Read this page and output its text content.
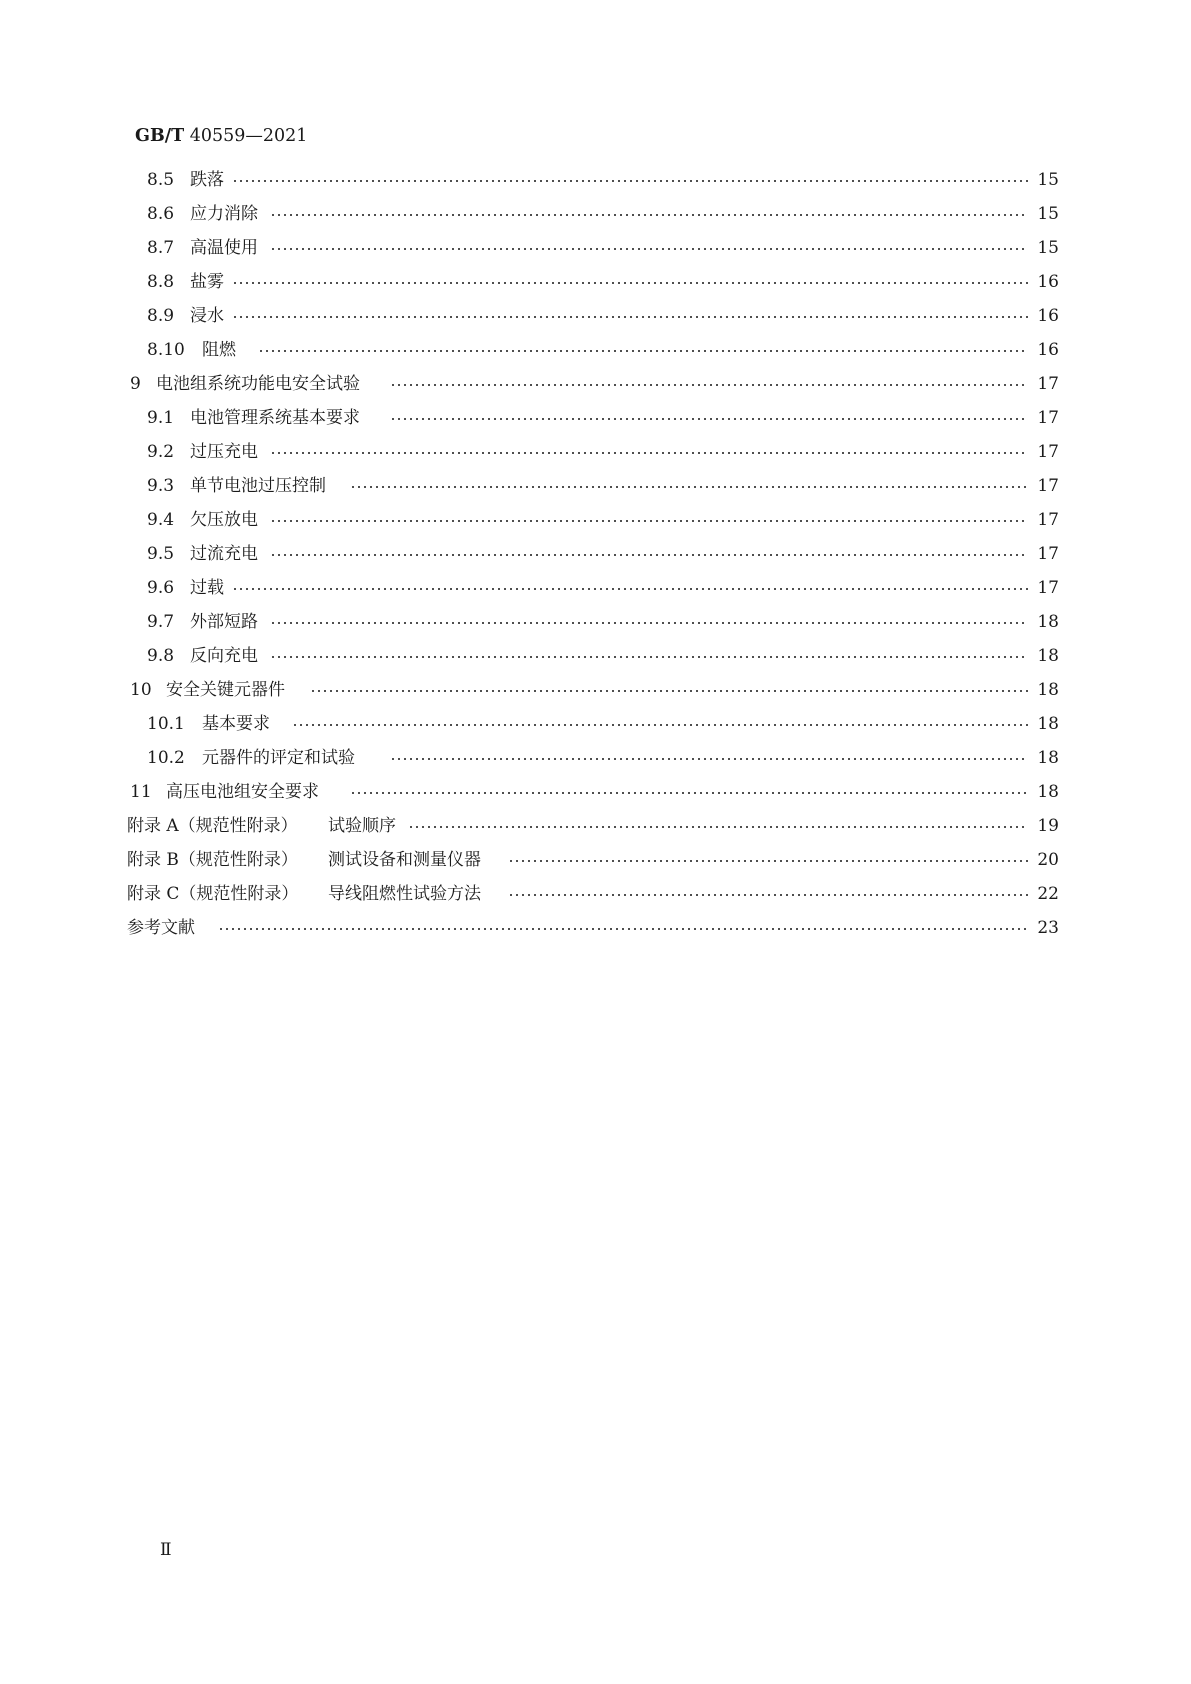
GB/T 40559—2021
8.5 跌落	15
8.6 应力消除	15
8.7 高温使用	15
8.8 盐雾	16
8.9 浸水	16
8.10 阻燃	16
9 电池组系统功能电安全试验	17
9.1 电池管理系统基本要求	17
9.2 过压充电	17
9.3 单节电池过压控制	17
9.4 欠压放电	17
9.5 过流充电	17
9.6 过载	17
9.7 外部短路	18
9.8 反向充电	18
10 安全关键元器件	18
10.1 基本要求	18
10.2 元器件的评定和试验	18
11 高压电池组安全要求	18
附录 A（规范性附录） 试验顺序	19
附录 B（规范性附录） 测试设备和测量仪器	20
附录 C（规范性附录） 导线阻燃性试验方法	22
参考文献	23
Ⅱ
